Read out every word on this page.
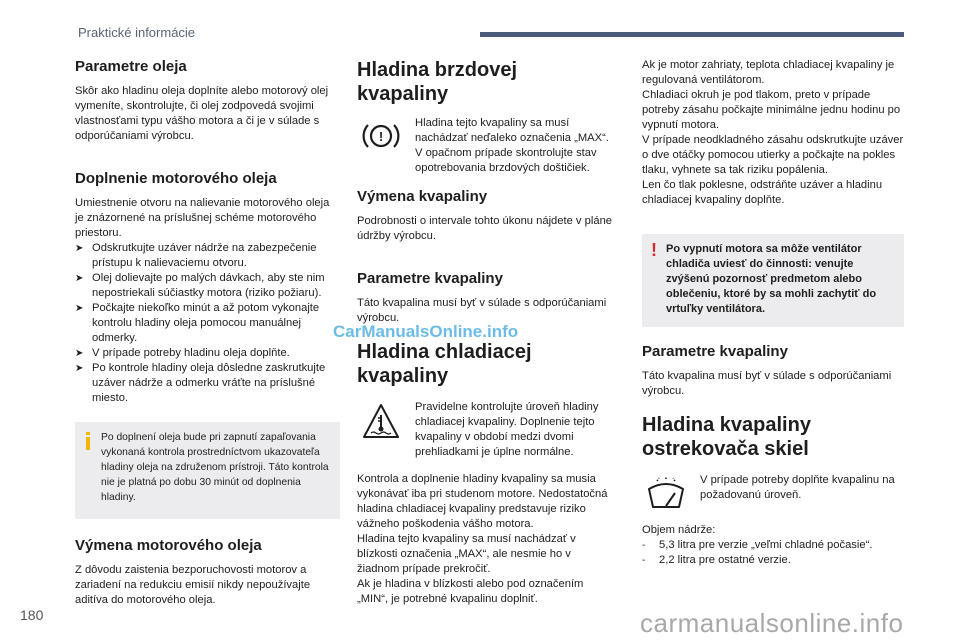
Praktické informácie
Parametre oleja

Skôr ako hladinu oleja doplníte alebo motorový olej vymeníte, skontrolujte, či olej zodpovedá svojimi vlastnosťami typu vášho motora a či je v súlade s odporúčaniami výrobcu.

Doplnenie motorového oleja

Umiestnenie otvoru na nalievanie motorového oleja je znázornené na príslušnej schéme motorového priestoru.

➤ Odskrutkujte uzáver nádrže na zabezpečenie prístupu k nalievaciemu otvoru.
➤ Olej dolievajte po malých dávkach, aby ste nim nepostriekali súčiastky motora (riziko požiaru).
➤ Počkajte niekoľko minút a až potom vykonajte kontrolu hladiny oleja pomocou manuálnej odmerky.
➤ V prípade potreby hladinu oleja doplňte.
➤ Po kontrole hladiny oleja dôsledne zaskrutkujte uzáver nádrže a odmerku vráťte na príslušné miesto.
Po doplnení oleja bude pri zapnutí zapaľovania vykonaná kontrola prostredníctvom ukazovateľa hladiny oleja na združenom prístroji. Táto kontrola nie je platná po dobu 30 minút od doplnenia hladiny.
Výmena motorového oleja

Z dôvodu zaistenia bezporuchovosti motorov a zariadení na redukciu emisií nikdy nepoužívajte aditíva do motorového oleja.

Hladina brzdovej kvapaliny
!

Hladina tejto kvapaliny sa musí nachádzať neďaleko označenia „MAX“. V opačnom prípade skontrolujte stav opotrebovania brzdových doštičiek.

Výmena kvapaliny

Podrobnosti o intervale tohto úkonu nájdete v pláne údržby výrobcu.

Parametre kvapaliny

Táto kvapalina musí byť v súlade s odporúčaniami výrobcu.

Hladina chladiacej
kvapaliny

Pravidelne kontrolujte úroveň hladiny chladiacej kvapaliny. Doplnenie tejto kvapaliny v období medzi dvomi prehliadkami je úplne normálne.

Kontrola a doplnenie hladiny kvapaliny sa musia vykonávať iba pri studenom motore. Nedostatočná hladina chladiacej kvapaliny predstavuje riziko vážneho poškodenia vášho motora.
Hladina tejto kvapaliny sa musí nachádzať v blízkosti označenia „MAX“, ale nesmie ho v žiadnom prípade prekročiť.
Ak je hladina v blízkosti alebo pod označením „MIN“, je potrebné kvapalinu doplniť.

Ak je motor zahriaty, teplota chladiacej kvapaliny je regulovaná ventilátorom.
Chladiaci okruh je pod tlakom, preto v prípade potreby zásahu počkajte minimálne jednu hodinu po vypnutí motora.
V prípade neodkladného zásahu odskrutkujte uzáver o dve otáčky pomocou utierky a počkajte na pokles tlaku, vyhnete sa tak riziku popálenia.
Len čo tlak poklesne, odstráňte uzáver a hladinu chladiacej kvapaliny doplňte.

! Po vypnutí motora sa môže ventilátor chladiča uviesť do činnosti: venujte zvýšenú pozornosť predmetom alebo oblečeniu, ktoré by sa mohli zachytiť do vrtuľky ventilátora.
Parametre kvapaliny

Táto kvapalina musí byť v súlade s odporúčaniami výrobcu.

Hladina kvapaliny
ostrekovača skiel

V prípade potreby doplňte kvapalinu na požadovanú úroveň.

Objem nádrže:

- 5,3 litra pre verzie „veľmi chladné počasie“.
- 2,2 litra pre ostatné verzie.
CarManualsOnline.info
180	carmanualsonline.info
